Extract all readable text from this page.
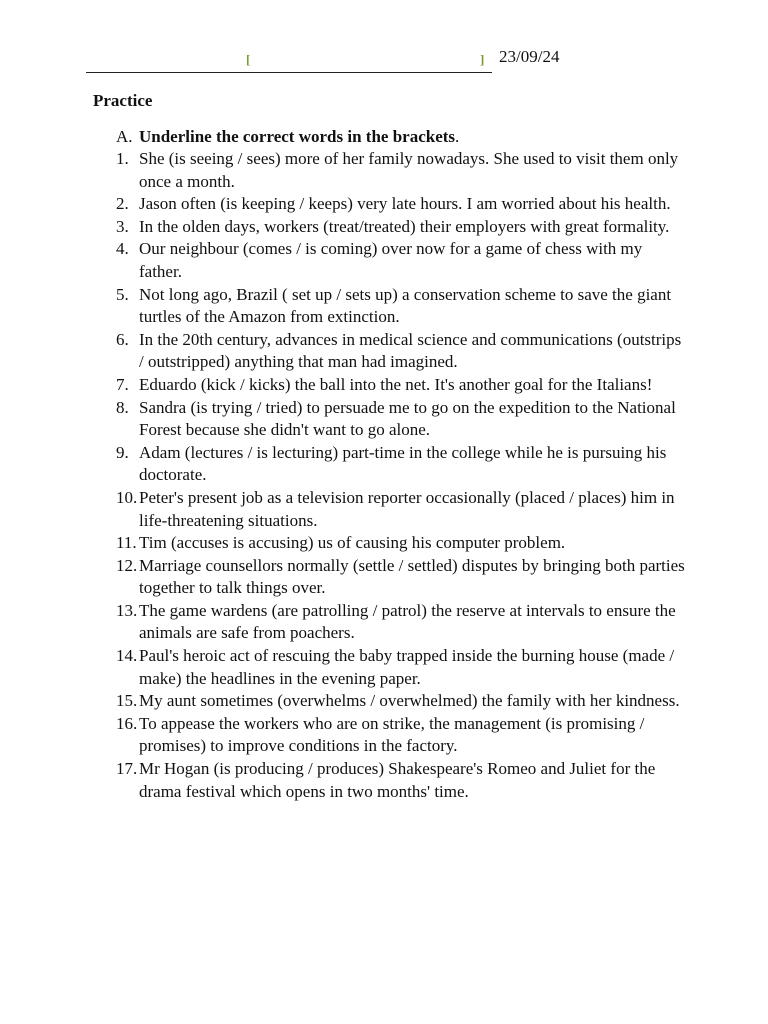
[	] 23/09/24
Practice
A. Underline the correct words in the brackets.
1. She (is seeing / sees) more of her family nowadays. She used to visit them only once a month.
2. Jason often (is keeping / keeps) very late hours. I am worried about his health.
3. In the olden days, workers (treat/treated) their employers with great formality.
4. Our neighbour (comes / is coming) over now for a game of chess with my father.
5. Not long ago, Brazil ( set up / sets up) a conservation scheme to save the giant turtles of the Amazon from extinction.
6. In the 20th century, advances in medical science and communications (outstrips / outstripped) anything that man had imagined.
7. Eduardo (kick / kicks) the ball into the net. It's another goal for the Italians!
8. Sandra (is trying / tried) to persuade me to go on the expedition to the National Forest because she didn't want to go alone.
9. Adam (lectures / is lecturing) part-time in the college while he is pursuing his doctorate.
10. Peter's present job as a television reporter occasionally (placed / places) him in life-threatening situations.
11. Tim (accuses is accusing) us of causing his computer problem.
12. Marriage counsellors normally (settle / settled) disputes by bringing both parties together to talk things over.
13. The game wardens (are patrolling / patrol) the reserve at intervals to ensure the animals are safe from poachers.
14. Paul's heroic act of rescuing the baby trapped inside the burning house (made / make) the headlines in the evening paper.
15. My aunt sometimes (overwhelms / overwhelmed) the family with her kindness.
16. To appease the workers who are on strike, the management (is promising / promises) to improve conditions in the factory.
17. Mr Hogan (is producing / produces) Shakespeare's Romeo and Juliet for the drama festival which opens in two months' time.
